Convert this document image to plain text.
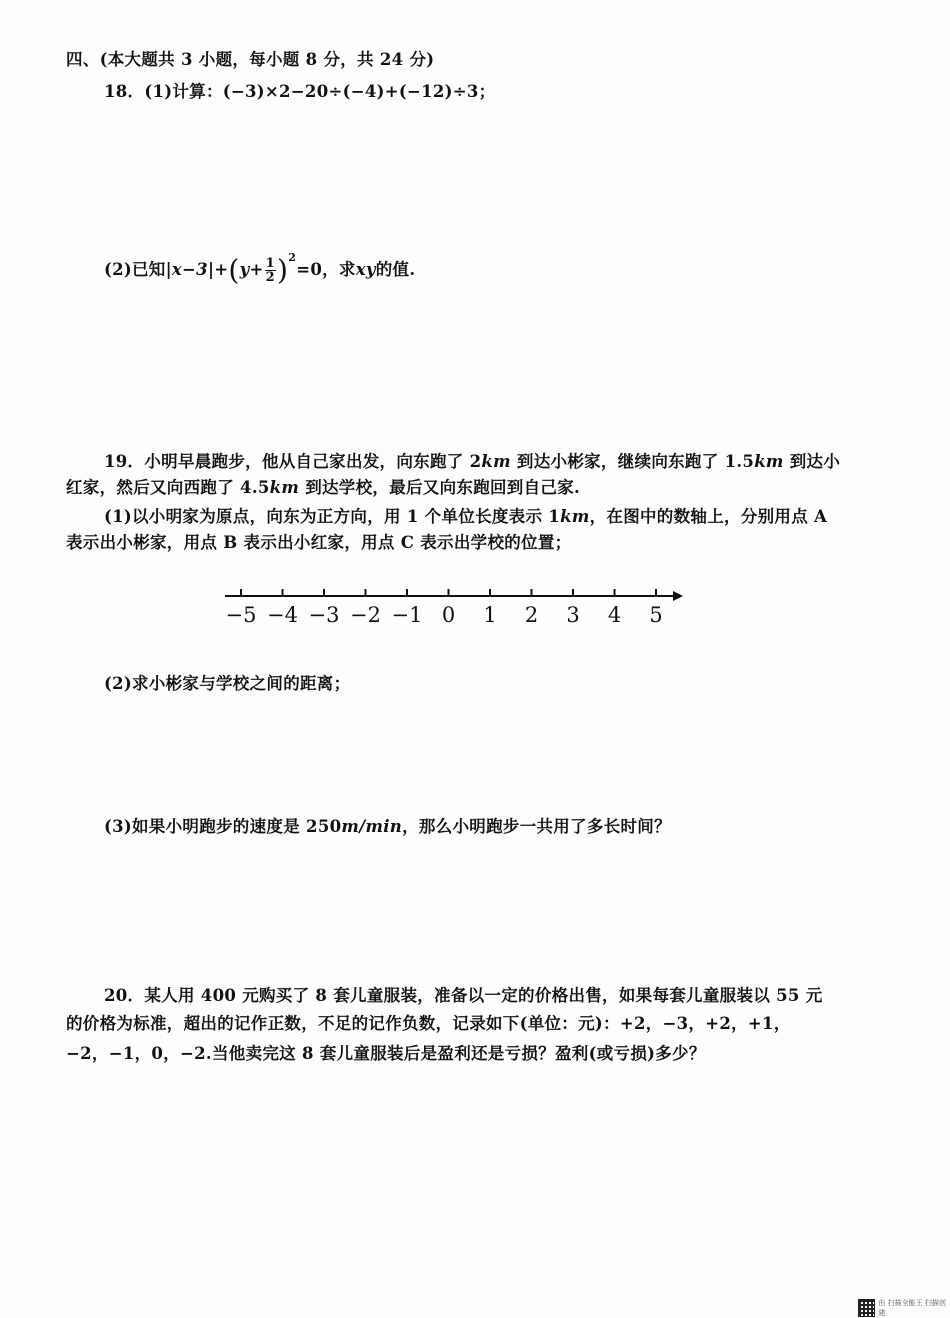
四、(本大题共 3 小题，每小题 8 分，共 24 分)
18．(1)计算：(−3)×2−20÷(−4)+(−12)÷3；
(2)已知$|x-3|+(y+ \frac{1}{2} )^2=0$，求xy的值.
19．小明早晨跑步，他从自己家出发，向东跑了 2km 到达小彬家，继续向东跑了 1.5km 到达小
红家，然后又向西跑了 4.5km 到达学校，最后又向东跑回到自己家.
(1)以小明家为原点，向东为正方向，用 1 个单位长度表示 1km，在图中的数轴上，分别用点 A
表示出小彬家，用点 B 表示出小红家，用点 C 表示出学校的位置；
−5 −4 −3 −2 −1 0 1 2 3 4 5
(2)求小彬家与学校之间的距离；
(3)如果小明跑步的速度是 250m/min，那么小明跑步一共用了多长时间？
20．某人用 400 元购买了 8 套儿童服装，准备以一定的价格出售，如果每套儿童服装以 55 元
的价格为标准，超出的记作正数，不足的记作负数，记录如下(单位：元)：+2，−3，+2，+1，
−2，−1，0，−2.当他卖完这 8 套儿童服装后是盈利还是亏损？盈利(或亏损)多少？
由 扫描全能王 扫描创建
